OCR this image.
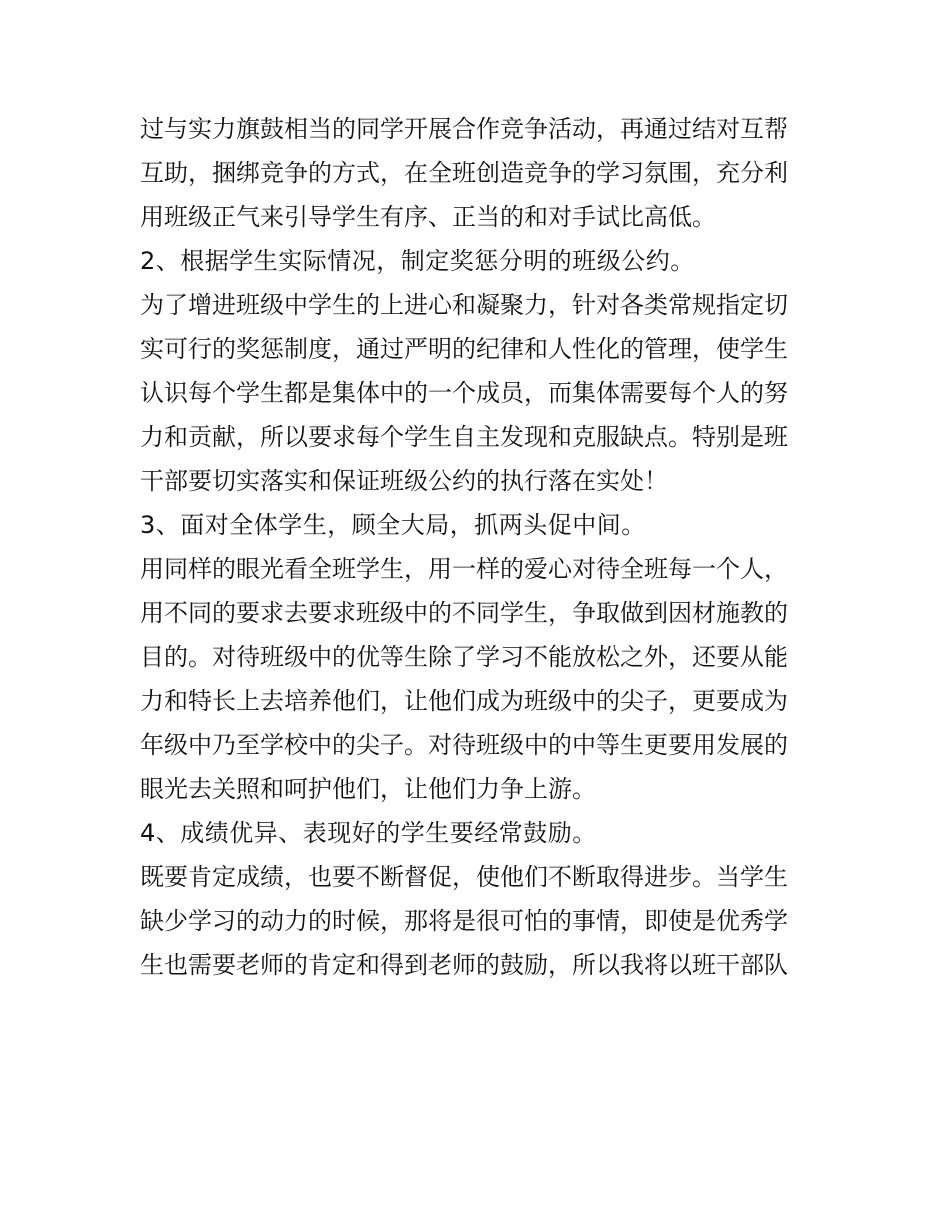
过与实力旗鼓相当的同学开展合作竞争活动，再通过结对互帮

互助，捆绑竞争的方式，在全班创造竞争的学习氛围，充分利

用班级正气来引导学生有序、正当的和对手试比高低。

2、根据学生实际情况，制定奖惩分明的班级公约。

为了增进班级中学生的上进心和凝聚力，针对各类常规指定切

实可行的奖惩制度，通过严明的纪律和人性化的管理，使学生

认识每个学生都是集体中的一个成员，而集体需要每个人的努

力和贡献，所以要求每个学生自主发现和克服缺点。特别是班

干部要切实落实和保证班级公约的执行落在实处！

3、面对全体学生，顾全大局，抓两头促中间。

用同样的眼光看全班学生，用一样的爱心对待全班每一个人，

用不同的要求去要求班级中的不同学生，争取做到因材施教的

目的。对待班级中的优等生除了学习不能放松之外，还要从能

力和特长上去培养他们，让他们成为班级中的尖子，更要成为

年级中乃至学校中的尖子。对待班级中的中等生更要用发展的

眼光去关照和呵护他们，让他们力争上游。

4、成绩优异、表现好的学生要经常鼓励。

既要肯定成绩，也要不断督促，使他们不断取得进步。当学生

缺少学习的动力的时候，那将是很可怕的事情，即使是优秀学

生也需要老师的肯定和得到老师的鼓励，所以我将以班干部队
